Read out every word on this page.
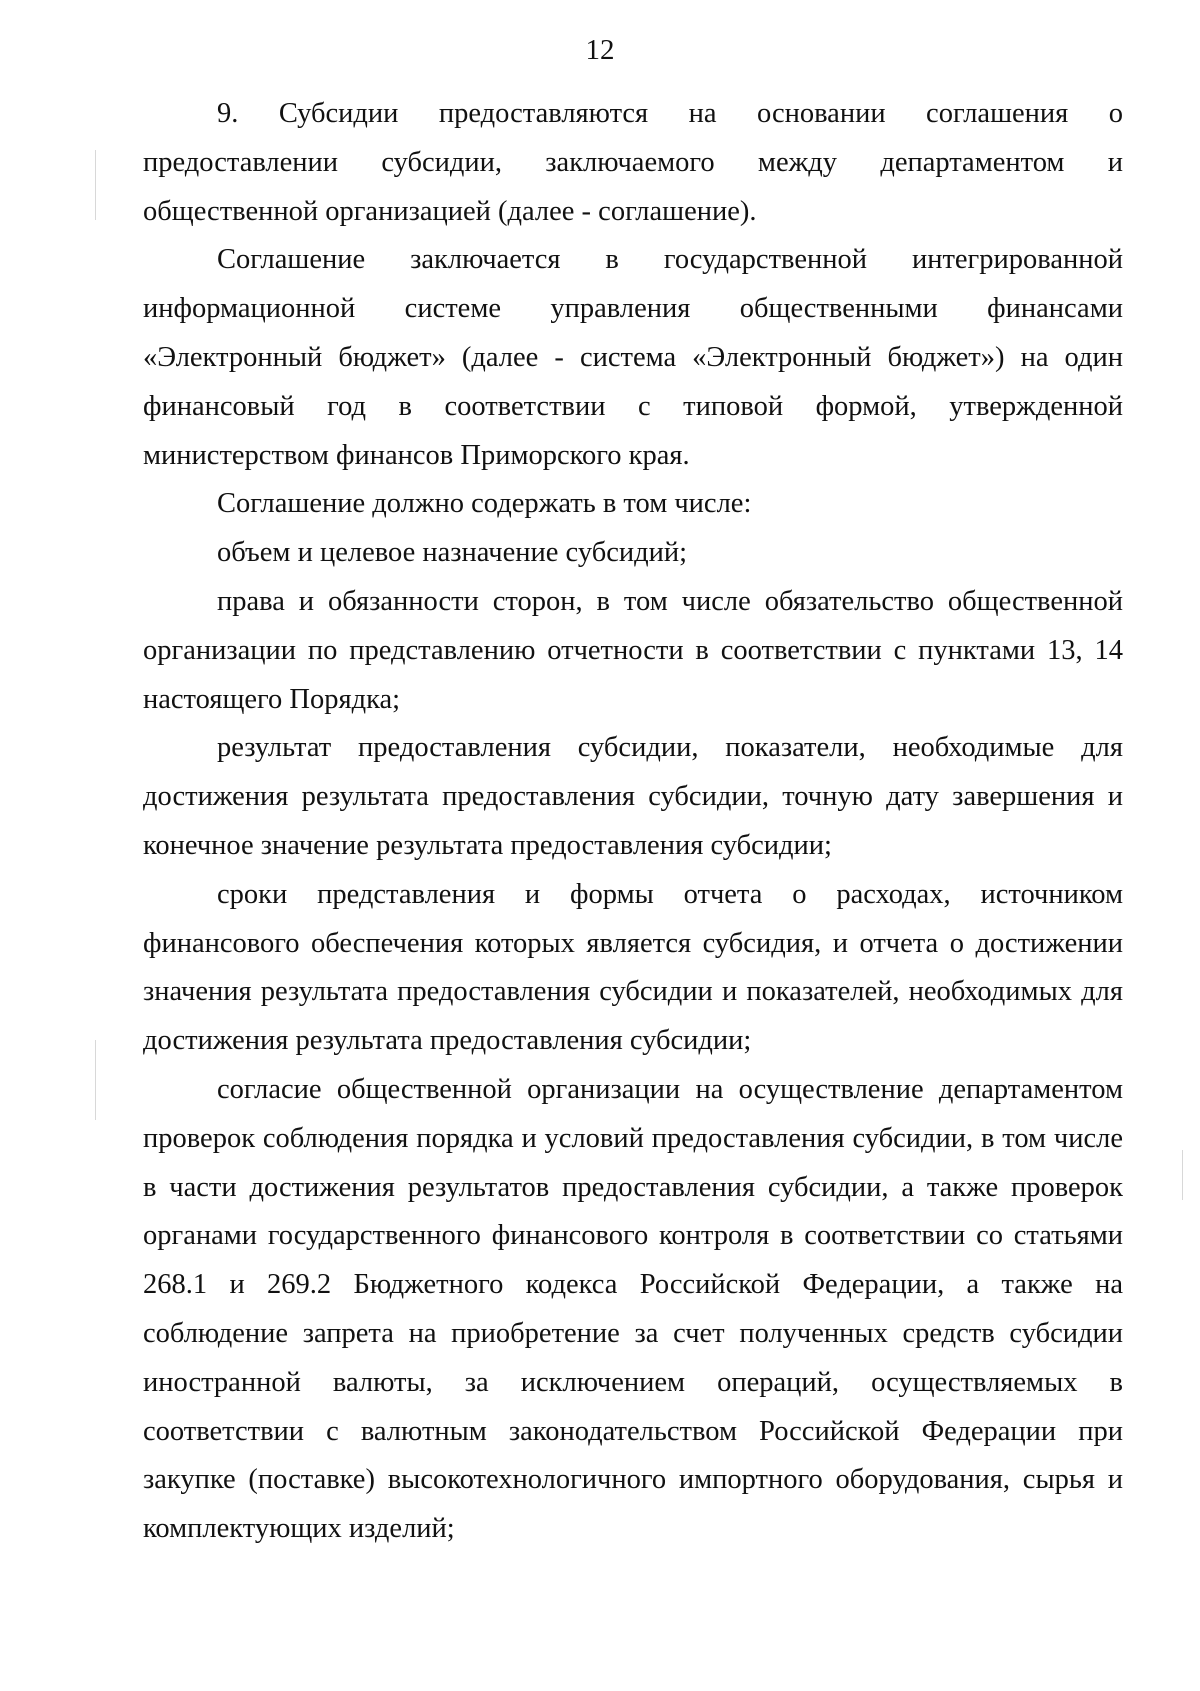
12

9. Субсидии предоставляются на основании соглашения о предоставлении субсидии, заключаемого между департаментом и общественной организацией (далее - соглашение).

Соглашение заключается в государственной интегрированной информационной системе управления общественными финансами «Электронный бюджет» (далее - система «Электронный бюджет») на один финансовый год в соответствии с типовой формой, утвержденной министерством финансов Приморского края.

Соглашение должно содержать в том числе:

объем и целевое назначение субсидий;

права и обязанности сторон, в том числе обязательство общественной организации по представлению отчетности в соответствии с пунктами 13, 14 настоящего Порядка;

результат предоставления субсидии, показатели, необходимые для достижения результата предоставления субсидии, точную дату завершения и конечное значение результата предоставления субсидии;

сроки представления и формы отчета о расходах, источником финансового обеспечения которых является субсидия, и отчета о достижении значения результата предоставления субсидии и показателей, необходимых для достижения результата предоставления субсидии;

согласие общественной организации на осуществление департаментом проверок соблюдения порядка и условий предоставления субсидии, в том числе в части достижения результатов предоставления субсидии, а также проверок органами государственного финансового контроля в соответствии со статьями 268.1 и 269.2 Бюджетного кодекса Российской Федерации, а также на соблюдение запрета на приобретение за счет полученных средств субсидии иностранной валюты, за исключением операций, осуществляемых в соответствии с валютным законодательством Российской Федерации при закупке (поставке) высокотехнологичного импортного оборудования, сырья и комплектующих изделий;
